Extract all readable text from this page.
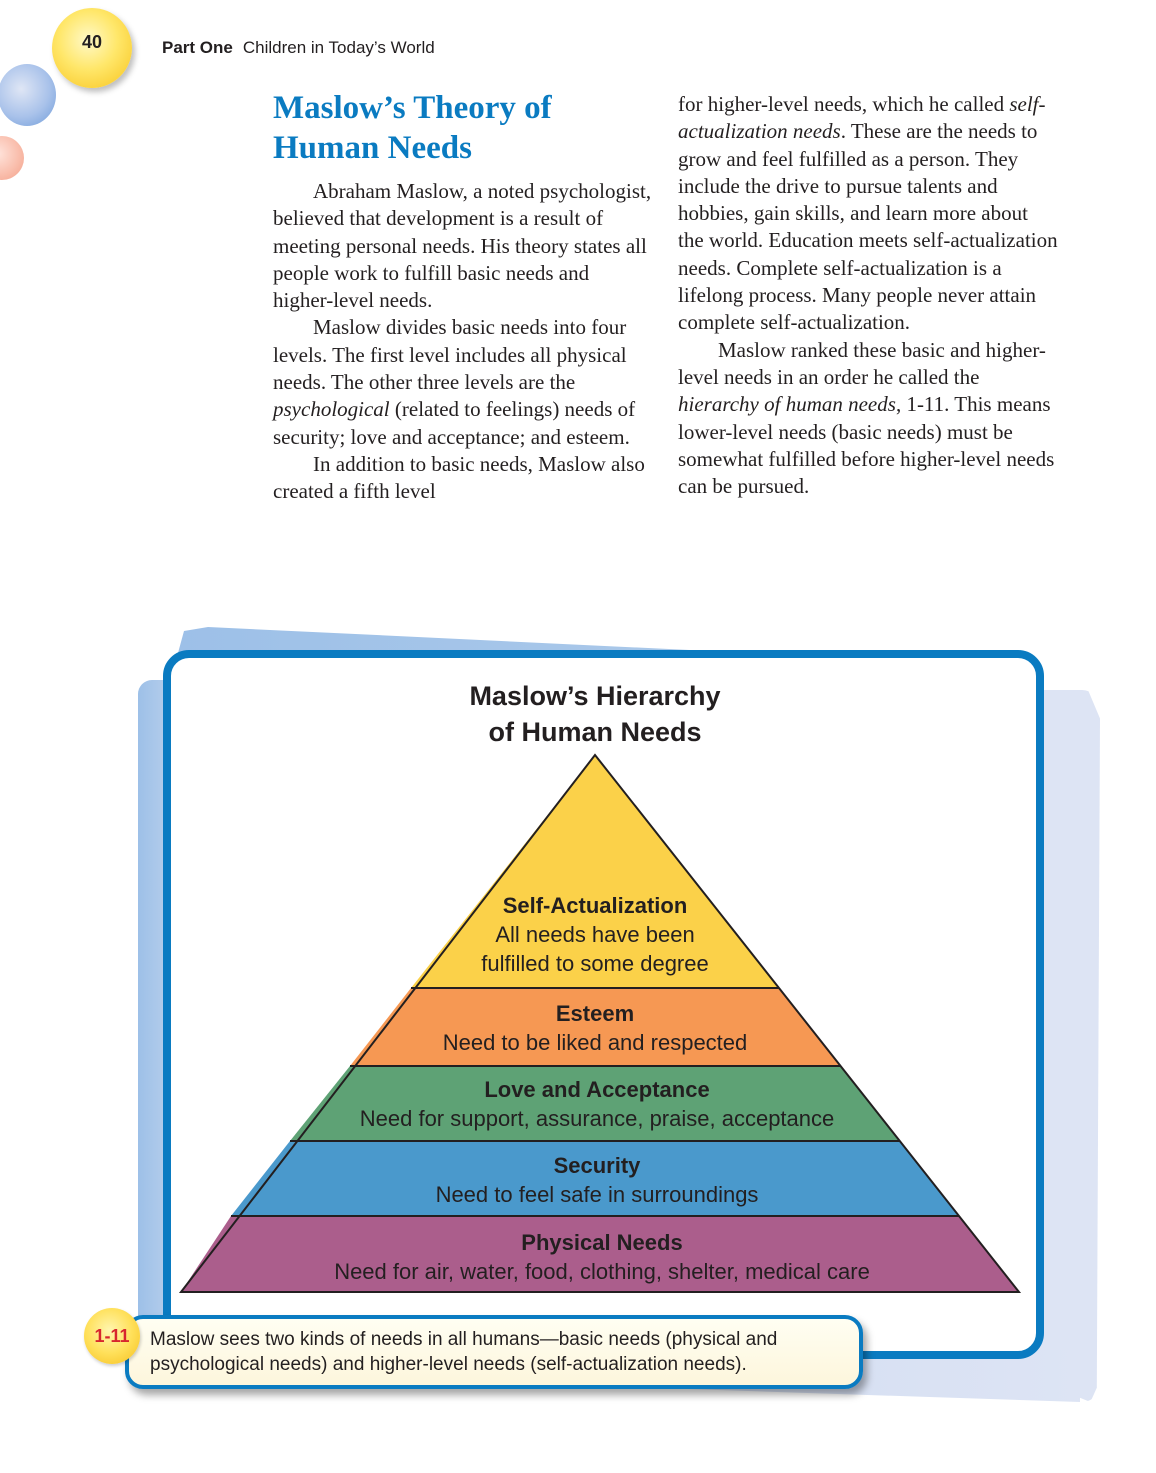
40	Part One Children in Today’s World
Maslow’s Theory of
Human Needs

Abraham Maslow, a noted psychologist, believed that development is a result of meeting personal needs. His theory states all people work to fulfill basic needs and higher-level needs.

Maslow divides basic needs into four levels. The first level includes all physical needs. The other three levels are the psychological (related to feelings) needs of security; love and acceptance; and esteem.

In addition to basic needs, Maslow also created a fifth level

for higher-level needs, which he called self-actualization needs. These are the needs to grow and feel fulfilled as a person. They include the drive to pursue talents and hobbies, gain skills, and learn more about the world. Education meets self-actualization needs. Complete self-actualization is a lifelong process. Many people never attain complete self-actualization.

Maslow ranked these basic and higher-level needs in an order he called the hierarchy of human needs, 1-11. This means lower-level needs (basic needs) must be somewhat fulfilled before higher-level needs can be pursued.

Maslow’s Hierarchy
of Human Needs
Self-Actualization
All needs have been
fulfilled to some degree
Esteem
Need to be liked and respected
Love and Acceptance
Need for support, assurance, praise, acceptance
Security
Need to feel safe in surroundings
Physical Needs
Need for air, water, food, clothing, shelter, medical care
1-11	Maslow sees two kinds of needs in all humans—basic needs (physical and
psychological needs) and higher-level needs (self-actualization needs).
